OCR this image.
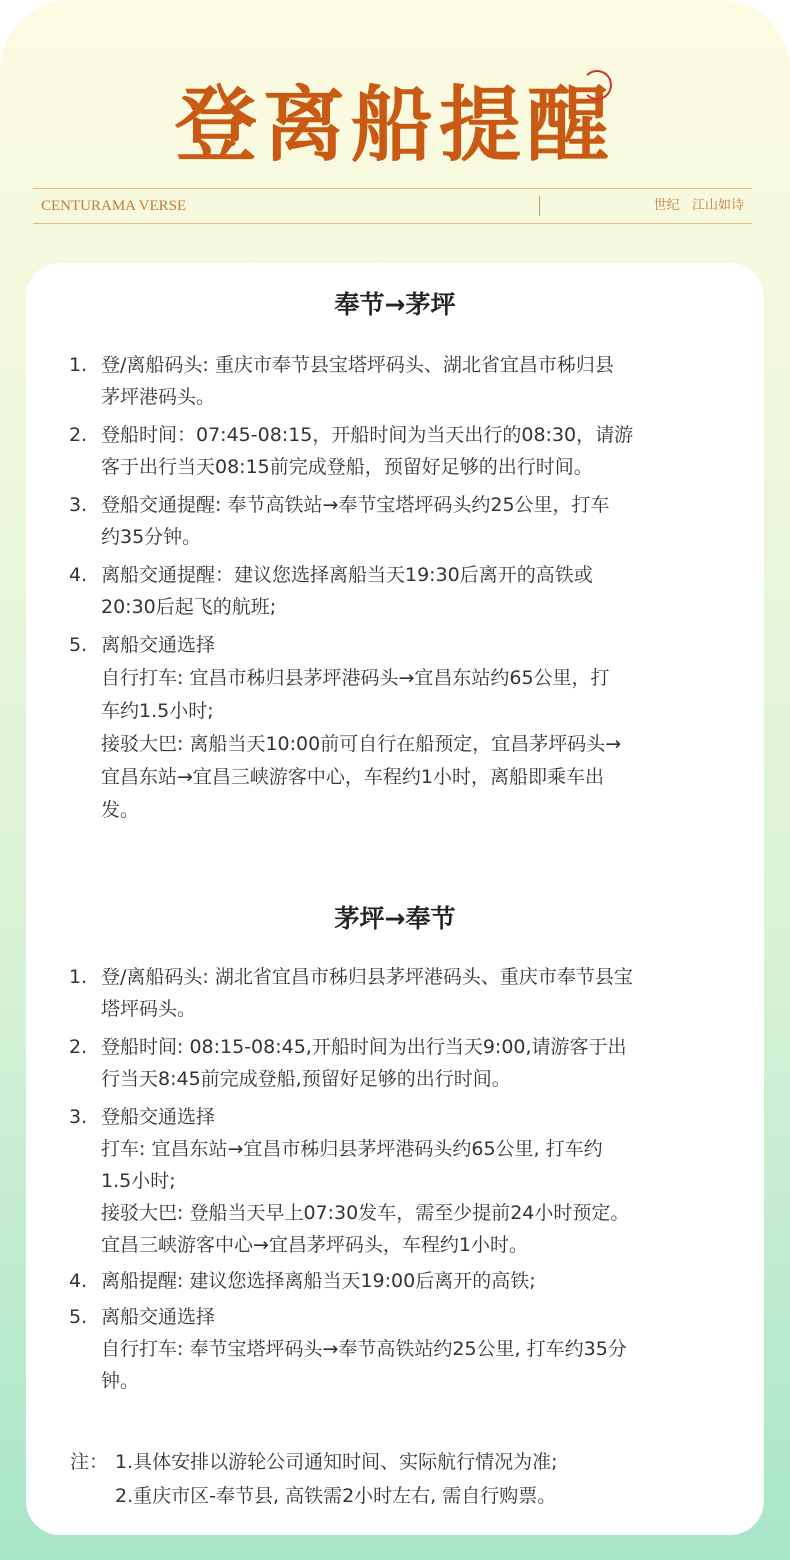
登离船提醒
CENTURAMA VERSE	世纪   江山如诗
奉节→茅坪
1. 登/离船码头: 重庆市奉节县宝塔坪码头、湖北省宜昌市秭归县
茅坪港码头。
2. 登船时间：07:45-08:15，开船时间为当天出行的08:30，请游
客于出行当天08:15前完成登船，预留好足够的出行时间。
3. 登船交通提醒: 奉节高铁站→奉节宝塔坪码头约25公里，打车
约35分钟。
4. 离船交通提醒：建议您选择离船当天19:30后离开的高铁或
20:30后起飞的航班;
5. 离船交通选择
自行打车: 宜昌市秭归县茅坪港码头→宜昌东站约65公里，打
车约1.5小时;
接驳大巴: 离船当天10:00前可自行在船预定，宜昌茅坪码头→
宜昌东站→宜昌三峡游客中心，车程约1小时，离船即乘车出
发。
茅坪→奉节
1. 登/离船码头: 湖北省宜昌市秭归县茅坪港码头、重庆市奉节县宝
塔坪码头。
2. 登船时间: 08:15-08:45,开船时间为出行当天9:00,请游客于出
行当天8:45前完成登船,预留好足够的出行时间。
3. 登船交通选择
打车: 宜昌东站→宜昌市秭归县茅坪港码头约65公里, 打车约
1.5小时;
接驳大巴: 登船当天早上07:30发车，需至少提前24小时预定。
宜昌三峡游客中心→宜昌茅坪码头，车程约1小时。
4. 离船提醒: 建议您选择离船当天19:00后离开的高铁;
5. 离船交通选择
自行打车: 奉节宝塔坪码头→奉节高铁站约25公里, 打车约35分
钟。
注： 1.具体安排以游轮公司通知时间、实际航行情况为准;
2.重庆市区-奉节县, 高铁需2小时左右, 需自行购票。
